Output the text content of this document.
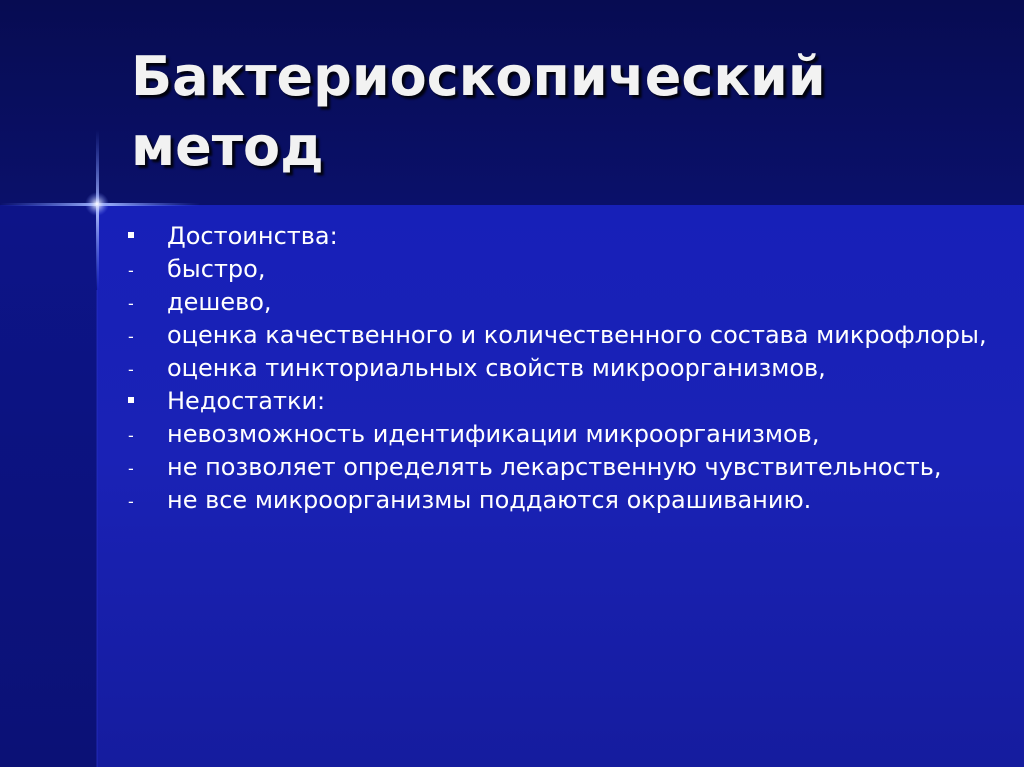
Бактериоскопический
метод
Достоинства:
-	быстро,
-	дешево,
-	оценка качественного и количественного состава микрофлоры,
-	оценка тинкториальных свойств микроорганизмов,
Недостатки:
-	невозможность идентификации микроорганизмов,
-	не позволяет определять лекарственную чувствительность,
-	не все микроорганизмы поддаются окрашиванию.
